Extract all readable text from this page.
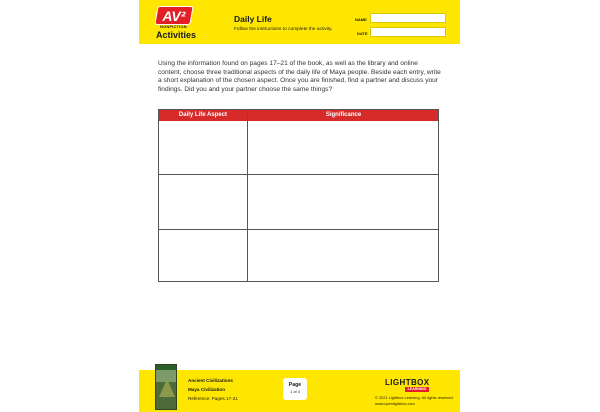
AV²
NONFICTION
Activities
Daily Life
Follow the instructions to complete the activity.
NAME
DATE
Using the information found on pages 17–21 of the book, as well as the library and online content, choose three traditional aspects of the daily life of Maya people. Beside each entry, write a short explanation of the chosen aspect. Once you are finished, find a partner and discuss your findings. Did you and your partner choose the same things?
Daily Life Aspect	Significance
Ancient Civilizations
Maya Civilization
Reference: Pages 17-21
Page
1 of 4
LIGHTBOX
LEARNING
© 2021 Lightbox Learning. All rights reserved.
www.openlightbox.com
